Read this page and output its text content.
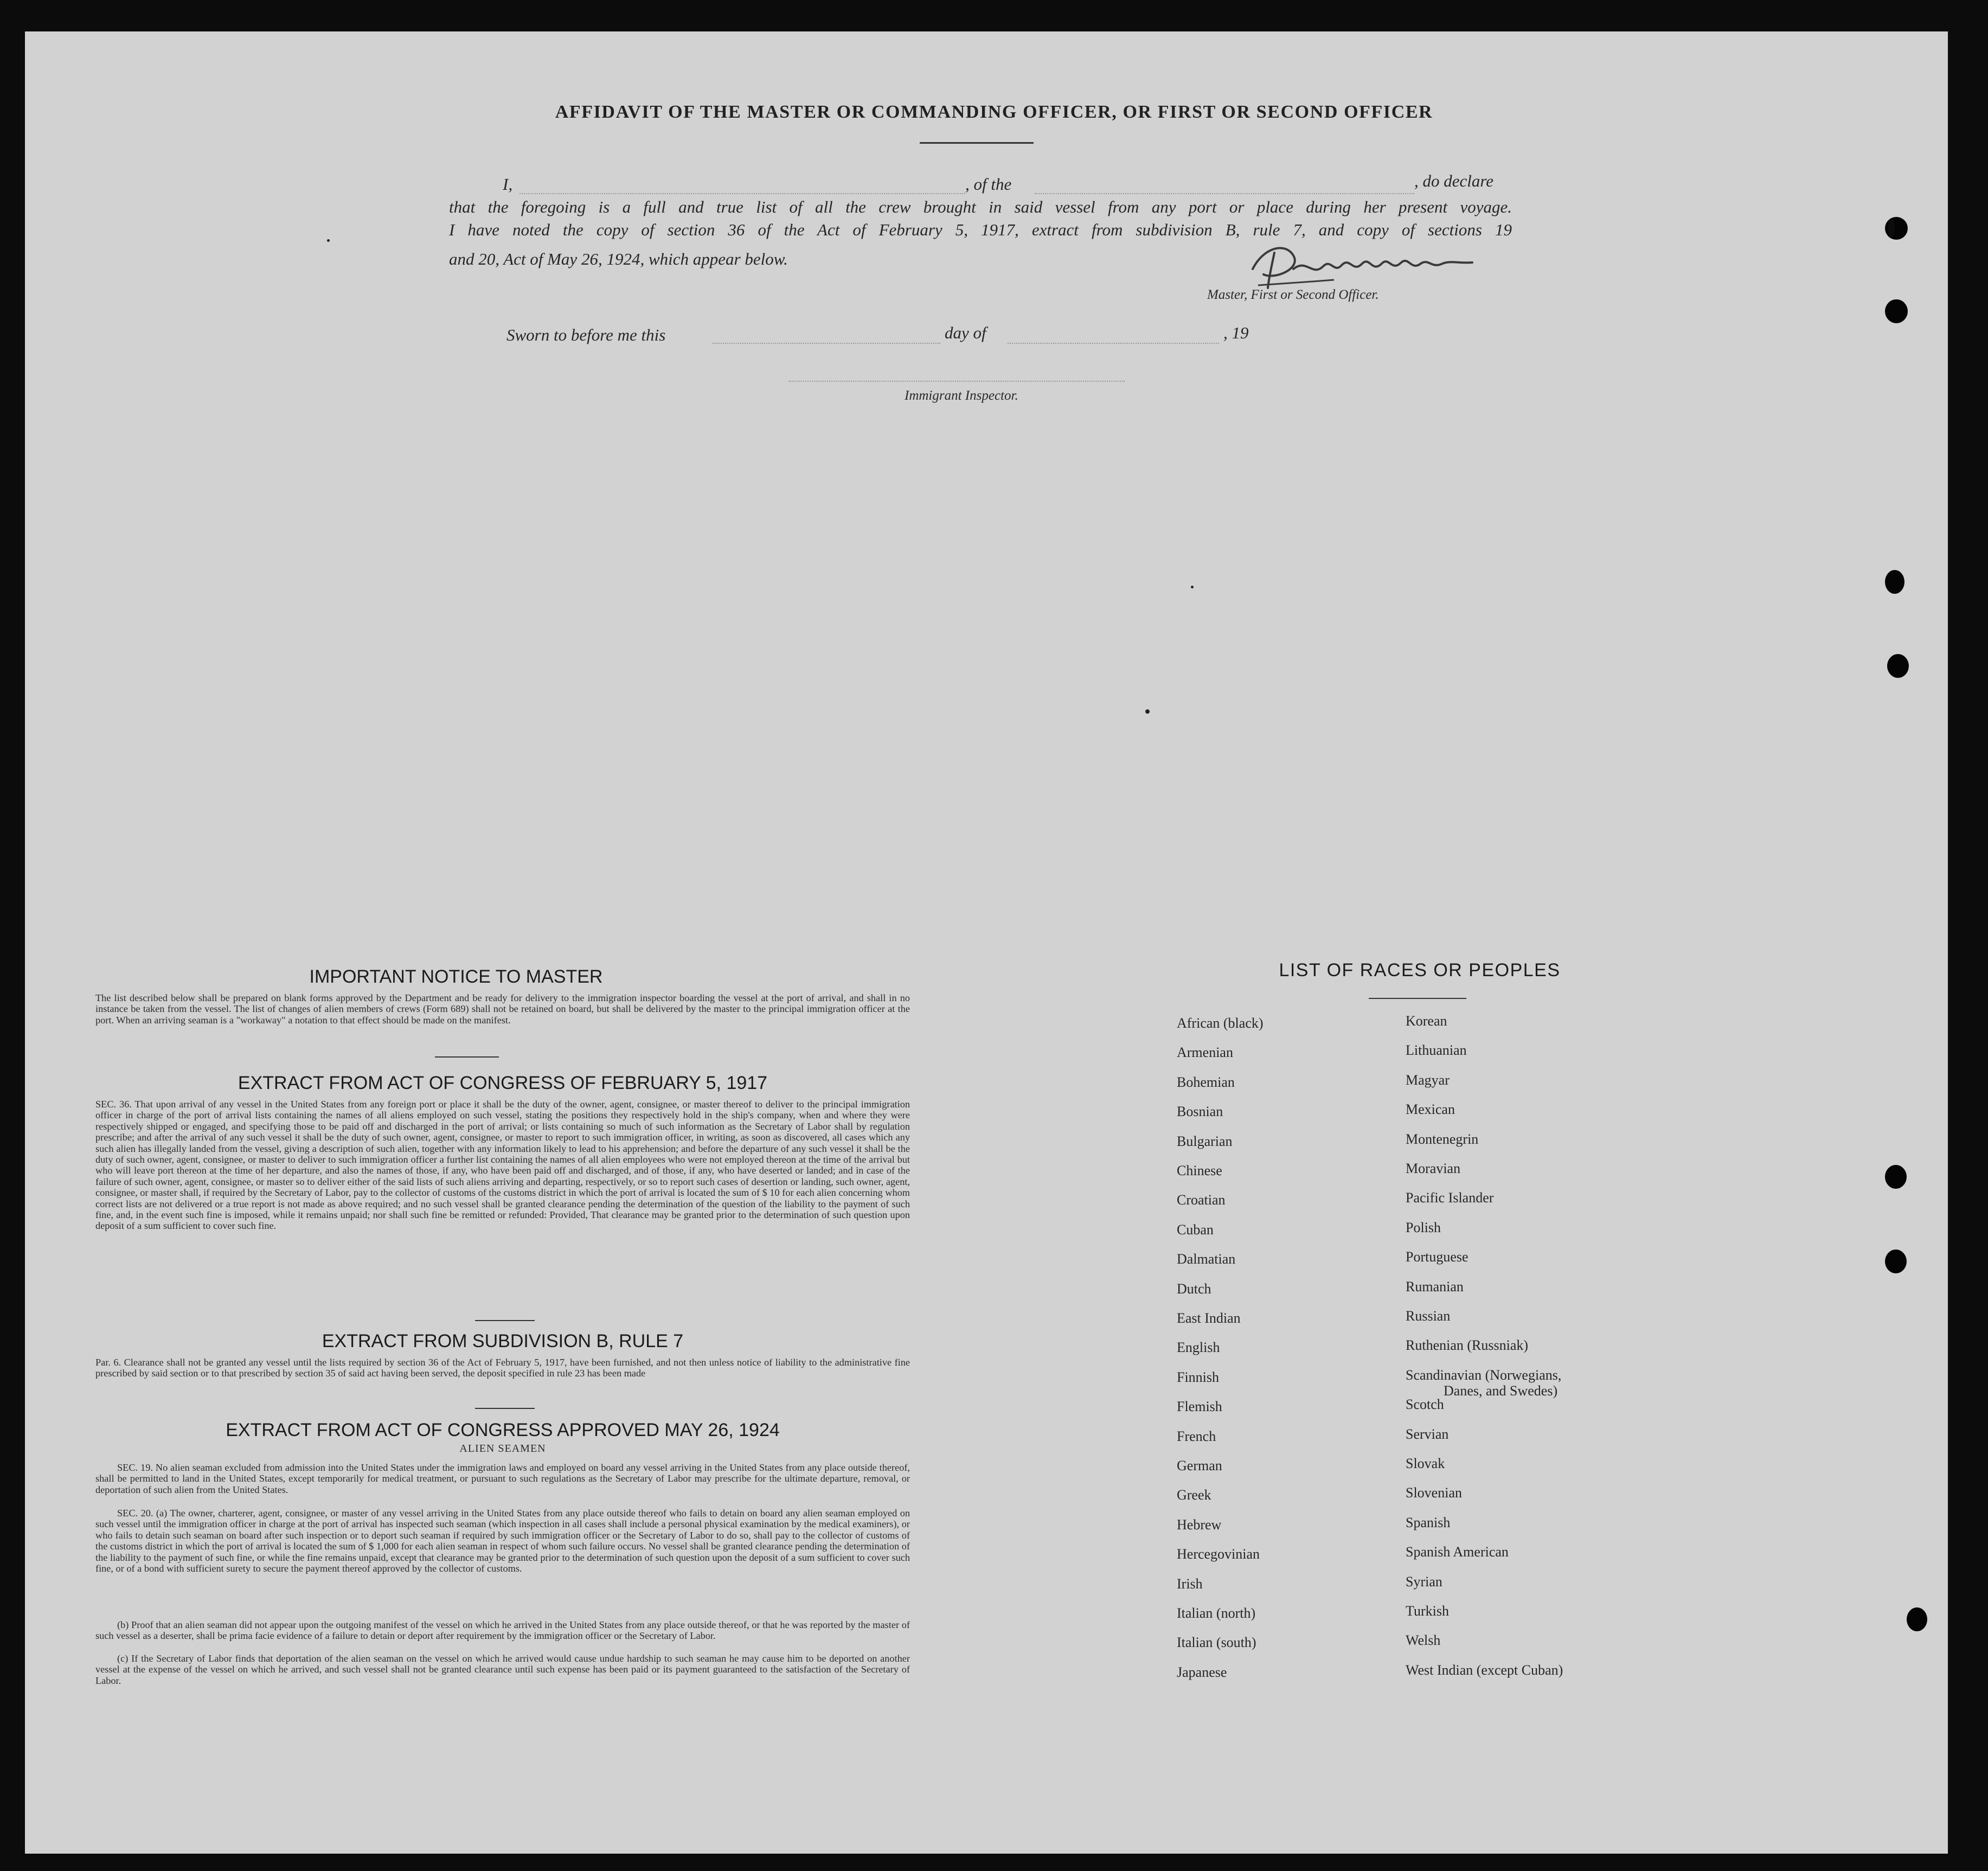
AFFIDAVIT OF THE MASTER OR COMMANDING OFFICER, OR FIRST OR SECOND OFFICER
I,	, of the	, do declare
that the foregoing is a full and true list of all the crew brought in said vessel from any port or place during her present voyage.
I have noted the copy of section 36 of the Act of February 5, 1917, extract from subdivision B, rule 7, and copy of sections 19
and 20, Act of May 26, 1924, which appear below.
Master, First or Second Officer.
Sworn to before me this	day of	, 19
Immigrant Inspector.
IMPORTANT NOTICE TO MASTER
The list described below shall be prepared on blank forms approved by the Department and be ready for delivery to the immigration inspector boarding the vessel at the port of arrival, and shall in no instance be taken from the vessel. The list of changes of alien members of crews (Form 689) shall not be retained on board, but shall be delivered by the master to the principal immigration officer at the port. When an arriving seaman is a "workaway" a notation to that effect should be made on the manifest.
EXTRACT FROM ACT OF CONGRESS OF FEBRUARY 5, 1917
SEC. 36. That upon arrival of any vessel in the United States from any foreign port or place it shall be the duty of the owner, agent, consignee, or master thereof to deliver to the principal immigration officer in charge of the port of arrival lists containing the names of all aliens employed on such vessel, stating the positions they respectively hold in the ship's company, when and where they were respectively shipped or engaged, and specifying those to be paid off and discharged in the port of arrival; or lists containing so much of such information as the Secretary of Labor shall by regulation prescribe; and after the arrival of any such vessel it shall be the duty of such owner, agent, consignee, or master to report to such immigration officer, in writing, as soon as discovered, all cases which any such alien has illegally landed from the vessel, giving a description of such alien, together with any information likely to lead to his apprehension; and before the departure of any such vessel it shall be the duty of such owner, agent, consignee, or master to deliver to such immigration officer a further list containing the names of all alien employees who were not employed thereon at the time of the arrival but who will leave port thereon at the time of her departure, and also the names of those, if any, who have been paid off and discharged, and of those, if any, who have deserted or landed; and in case of the failure of such owner, agent, consignee, or master so to deliver either of the said lists of such aliens arriving and departing, respectively, or so to report such cases of desertion or landing, such owner, agent, consignee, or master shall, if required by the Secretary of Labor, pay to the collector of customs of the customs district in which the port of arrival is located the sum of $ 10 for each alien concerning whom correct lists are not delivered or a true report is not made as above required; and no such vessel shall be granted clearance pending the determination of the question of the liability to the payment of such fine, and, in the event such fine is imposed, while it remains unpaid; nor shall such fine be remitted or refunded: Provided, That clearance may be granted prior to the determination of such question upon deposit of a sum sufficient to cover such fine.
EXTRACT FROM SUBDIVISION B, RULE 7
Par. 6. Clearance shall not be granted any vessel until the lists required by section 36 of the Act of February 5, 1917, have been furnished, and not then unless notice of liability to the administrative fine prescribed by said section or to that prescribed by section 35 of said act having been served, the deposit specified in rule 23 has been made
EXTRACT FROM ACT OF CONGRESS APPROVED MAY 26, 1924
ALIEN SEAMEN
SEC. 19. No alien seaman excluded from admission into the United States under the immigration laws and employed on board any vessel arriving in the United States from any place outside thereof, shall be permitted to land in the United States, except temporarily for medical treatment, or pursuant to such regulations as the Secretary of Labor may prescribe for the ultimate departure, removal, or deportation of such alien from the United States.
SEC. 20. (a) The owner, charterer, agent, consignee, or master of any vessel arriving in the United States from any place outside thereof who fails to detain on board any alien seaman employed on such vessel until the immigration officer in charge at the port of arrival has inspected such seaman (which inspection in all cases shall include a personal physical examination by the medical examiners), or who fails to detain such seaman on board after such inspection or to deport such seaman if required by such immigration officer or the Secretary of Labor to do so, shall pay to the collector of customs of the customs district in which the port of arrival is located the sum of $ 1,000 for each alien seaman in respect of whom such failure occurs. No vessel shall be granted clearance pending the determination of the liability to the payment of such fine, or while the fine remains unpaid, except that clearance may be granted prior to the determination of such question upon the deposit of a sum sufficient to cover such fine, or of a bond with sufficient surety to secure the payment thereof approved by the collector of customs.
(b) Proof that an alien seaman did not appear upon the outgoing manifest of the vessel on which he arrived in the United States from any place outside thereof, or that he was reported by the master of such vessel as a deserter, shall be prima facie evidence of a failure to detain or deport after requirement by the immigration officer or the Secretary of Labor.
(c) If the Secretary of Labor finds that deportation of the alien seaman on the vessel on which he arrived would cause undue hardship to such seaman he may cause him to be deported on another vessel at the expense of the vessel on which he arrived, and such vessel shall not be granted clearance until such expense has been paid or its payment guaranteed to the satisfaction of the Secretary of Labor.
LIST OF RACES OR PEOPLES
African (black)
Armenian
Bohemian
Bosnian
Bulgarian
Chinese
Croatian
Cuban
Dalmatian
Dutch
East Indian
English
Finnish
Flemish
French
German
Greek
Hebrew
Hercegovinian
Irish
Italian (north)
Italian (south)
Japanese
Korean
Lithuanian
Magyar
Mexican
Montenegrin
Moravian
Pacific Islander
Polish
Portuguese
Rumanian
Russian
Ruthenian (Russniak)
Scandinavian (Norwegians,
Danes, and Swedes)
Scotch
Servian
Slovak
Slovenian
Spanish
Spanish American
Syrian
Turkish
Welsh
West Indian (except Cuban)
